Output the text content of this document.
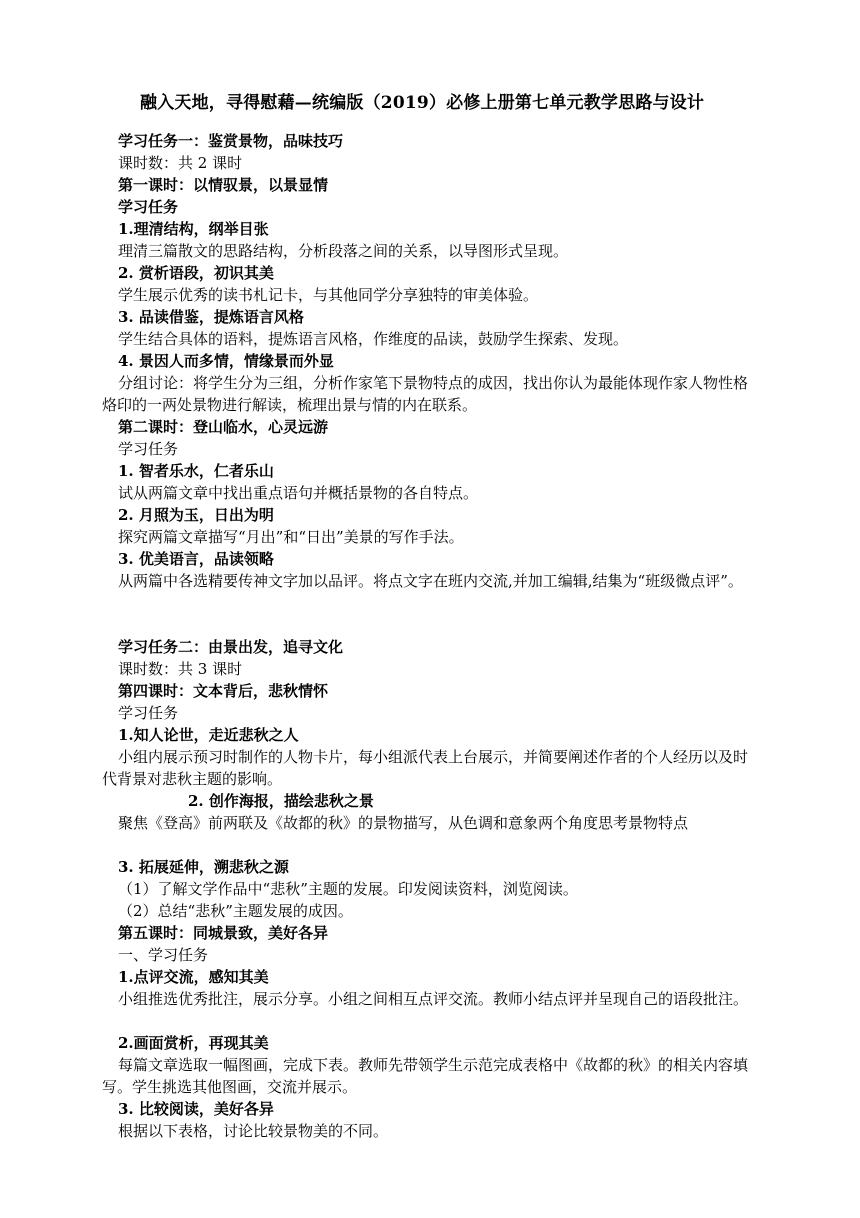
融入天地，寻得慰藉—统编版（2019）必修上册第七单元教学思路与设计
学习任务一：鉴赏景物，品味技巧
课时数：共 2 课时
第一课时：以情驭景，以景显情
学习任务
1.理清结构，纲举目张
理清三篇散文的思路结构，分析段落之间的关系，以导图形式呈现。
2. 赏析语段，初识其美
学生展示优秀的读书札记卡，与其他同学分享独特的审美体验。
3. 品读借鉴，提炼语言风格
学生结合具体的语料，提炼语言风格，作维度的品读，鼓励学生探索、发现。
4. 景因人而多情，情缘景而外显
分组讨论：将学生分为三组，分析作家笔下景物特点的成因，找出你认为最能体现作家人物性格烙印的一两处景物进行解读，梳理出景与情的内在联系。
第二课时：登山临水，心灵远游
学习任务
1. 智者乐水，仁者乐山
试从两篇文章中找出重点语句并概括景物的各自特点。
2. 月照为玉，日出为明
探究两篇文章描写“月出”和“日出”美景的写作手法。
3. 优美语言，品读领略
从两篇中各选精要传神文字加以品评。将点文字在班内交流,并加工编辑,结集为“班级微点评”。
学习任务二：由景出发，追寻文化
课时数：共 3 课时
第四课时：文本背后，悲秋情怀
学习任务
1.知人论世，走近悲秋之人
小组内展示预习时制作的人物卡片，每小组派代表上台展示，并简要阐述作者的个人经历以及时代背景对悲秋主题的影响。
2. 创作海报，描绘悲秋之景
聚焦《登高》前两联及《故都的秋》的景物描写，从色调和意象两个角度思考景物特点
3. 拓展延伸，溯悲秋之源
（1）了解文学作品中“悲秋”主题的发展。印发阅读资料，浏览阅读。
（2）总结“悲秋”主题发展的成因。
第五课时：同城景致，美好各异
一、学习任务
1.点评交流，感知其美
小组推选优秀批注，展示分享。小组之间相互点评交流。教师小结点评并呈现自己的语段批注。
2.画面赏析，再现其美
每篇文章选取一幅图画，完成下表。教师先带领学生示范完成表格中《故都的秋》的相关内容填写。学生挑选其他图画，交流并展示。
3. 比较阅读，美好各异
根据以下表格，讨论比较景物美的不同。
